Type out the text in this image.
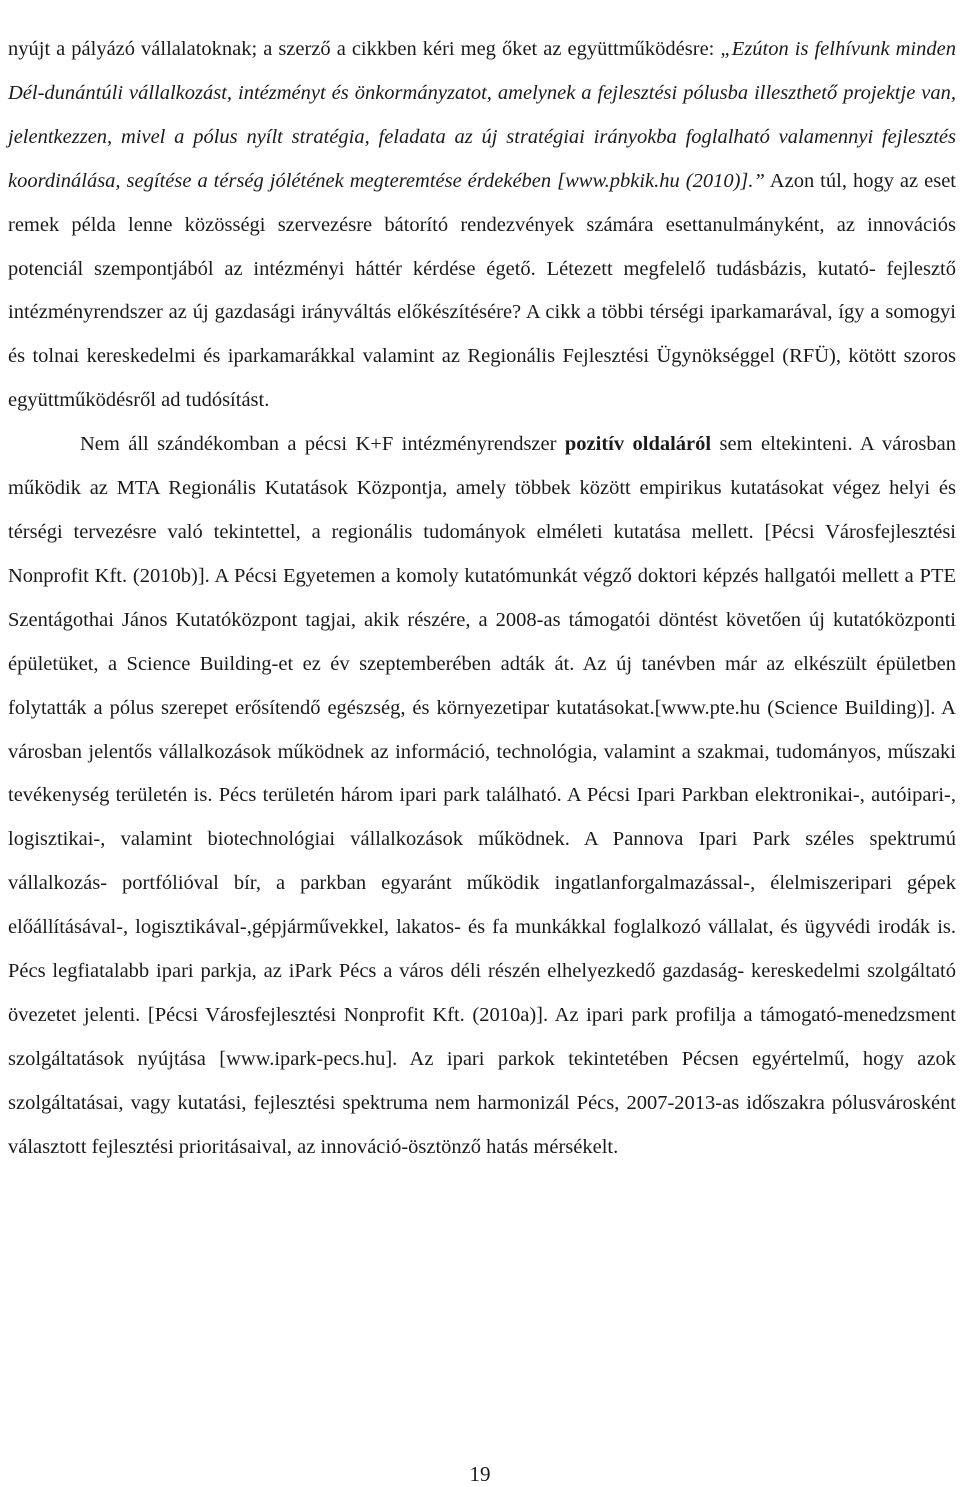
nyújt a pályázó vállalatoknak; a szerző a cikkben kéri meg őket az együttműködésre: „Ezúton is felhívunk minden Dél-dunántúli vállalkozást, intézményt és önkormányzatot, amelynek a fejlesztési pólusba illeszthető projektje van, jelentkezzen, mivel a pólus nyílt stratégia, feladata az új stratégiai irányokba foglalható valamennyi fejlesztés koordinálása, segítése a térség jólétének megteremtése érdekében [www.pbkik.hu (2010)].” Azon túl, hogy az eset remek példa lenne közösségi szervezésre bátorító rendezvények számára esettanulmányként, az innovációs potenciál szempontjából az intézményi háttér kérdése égető. Létezett megfelelő tudásbázis, kutató- fejlesztő intézményrendszer az új gazdasági irányváltás előkészítésére? A cikk a többi térségi iparkamarával, így a somogyi és tolnai kereskedelmi és iparkamarákkal valamint az Regionális Fejlesztési Ügynökséggel (RFÜ), kötött szoros együttműködésről ad tudósítást.

Nem áll szándékomban a pécsi K+F intézményrendszer pozitív oldaláról sem eltekinteni. A városban működik az MTA Regionális Kutatások Központja, amely többek között empirikus kutatásokat végez helyi és térségi tervezésre való tekintettel, a regionális tudományok elméleti kutatása mellett. [Pécsi Városfejlesztési Nonprofit Kft. (2010b)]. A Pécsi Egyetemen a komoly kutatómunkát végző doktori képzés hallgatói mellett a PTE Szentágothai János Kutatóközpont tagjai, akik részére, a 2008-as támogatói döntést követően új kutatóközponti épületüket, a Science Building-et ez év szeptemberében adták át. Az új tanévben már az elkészült épületben folytatták a pólus szerepet erősítendő egészség, és környezetipar kutatásokat.[www.pte.hu (Science Building)]. A városban jelentős vállalkozások működnek az információ, technológia, valamint a szakmai, tudományos, műszaki tevékenység területén is. Pécs területén három ipari park található. A Pécsi Ipari Parkban elektronikai-, autóipari-, logisztikai-, valamint biotechnológiai vállalkozások működnek. A Pannova Ipari Park széles spektrumú vállalkozás- portfólióval bír, a parkban egyaránt működik ingatlanforgalmazással-, élelmiszeripari gépek előállításával-, logisztikával-,gépjárművekkel, lakatos- és fa munkákkal foglalkozó vállalat, és ügyvédi irodák is. Pécs legfiatalabb ipari parkja, az iPark Pécs a város déli részén elhelyezkedő gazdaság- kereskedelmi szolgáltató övezetet jelenti. [Pécsi Városfejlesztési Nonprofit Kft. (2010a)]. Az ipari park profilja a támogató-menedzsment szolgáltatások nyújtása [www.ipark-pecs.hu]. Az ipari parkok tekintetében Pécsen egyértelmű, hogy azok szolgáltatásai, vagy kutatási, fejlesztési spektruma nem harmonizál Pécs, 2007-2013-as időszakra pólusvárosként választott fejlesztési prioritásaival, az innováció-ösztönző hatás mérsékelt.

19
